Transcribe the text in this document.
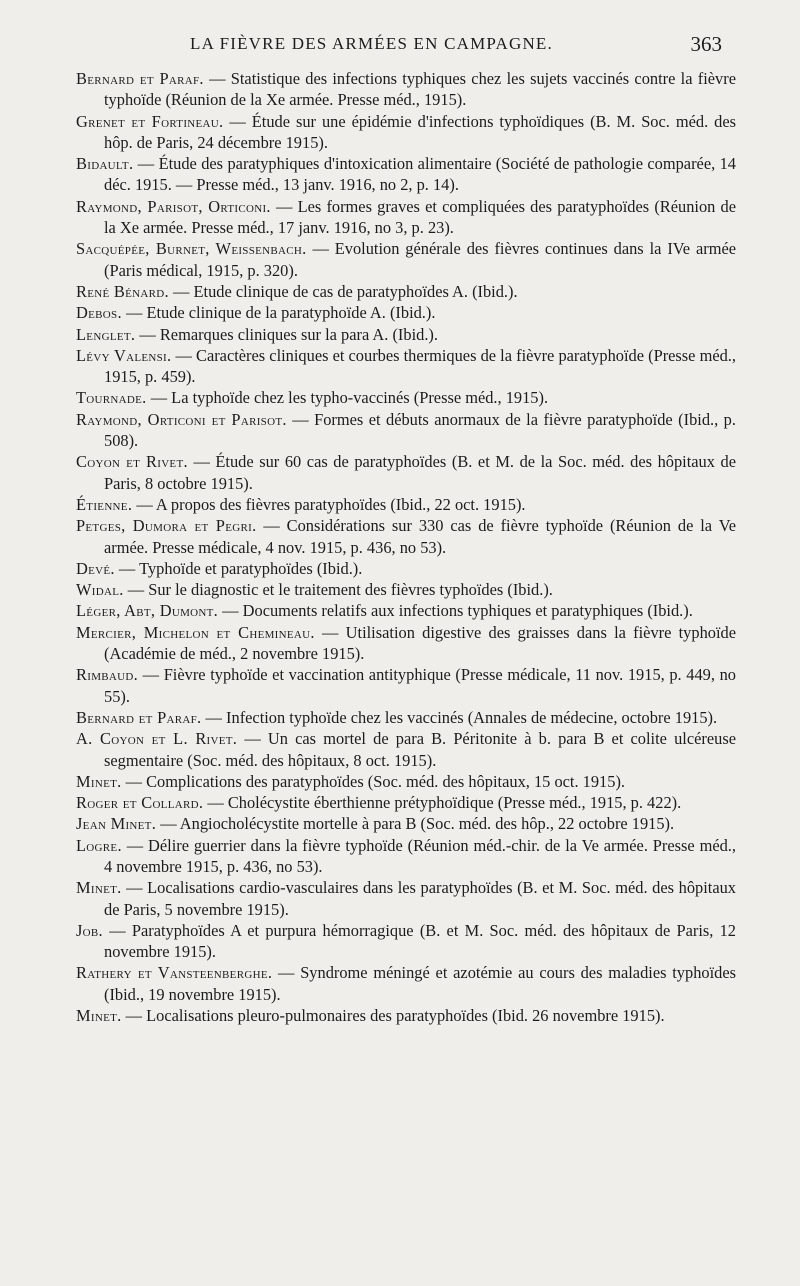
LA FIÈVRE DES ARMÉES EN CAMPAGNE.	363

Bernard et Paraf. — Statistique des infections typhiques chez les sujets vaccinés contre la fièvre typhoïde (Réunion de la Xe armée. Presse méd., 1915).

Grenet et Fortineau. — Étude sur une épidémie d'infections typhoïdiques (B. M. Soc. méd. des hôp. de Paris, 24 décembre 1915).

Bidault. — Étude des paratyphiques d'intoxication alimentaire (Société de pathologie comparée, 14 déc. 1915. — Presse méd., 13 janv. 1916, no 2, p. 14).

Raymond, Parisot, Orticoni. — Les formes graves et compliquées des paratyphoïdes (Réunion de la Xe armée. Presse méd., 17 janv. 1916, no 3, p. 23).

Sacquépée, Burnet, Weissenbach. — Evolution générale des fièvres continues dans la IVe armée (Paris médical, 1915, p. 320).

René Bénard. — Etude clinique de cas de paratyphoïdes A. (Ibid.).

Debos. — Etude clinique de la paratyphoïde A. (Ibid.).

Lenglet. — Remarques cliniques sur la para A. (Ibid.).

Lévy Valensi. — Caractères cliniques et courbes thermiques de la fièvre paratyphoïde (Presse méd., 1915, p. 459).

Tournade. — La typhoïde chez les typho-vaccinés (Presse méd., 1915).

Raymond, Orticoni et Parisot. — Formes et débuts anormaux de la fièvre paratyphoïde (Ibid., p. 508).

Coyon et Rivet. — Étude sur 60 cas de paratyphoïdes (B. et M. de la Soc. méd. des hôpitaux de Paris, 8 octobre 1915).

Étienne. — A propos des fièvres paratyphoïdes (Ibid., 22 oct. 1915).

Petges, Dumora et Pegri. — Considérations sur 330 cas de fièvre typhoïde (Réunion de la Ve armée. Presse médicale, 4 nov. 1915, p. 436, no 53).

Devé. — Typhoïde et paratyphoïdes (Ibid.).

Widal. — Sur le diagnostic et le traitement des fièvres typhoïdes (Ibid.).

Léger, Abt, Dumont. — Documents relatifs aux infections typhiques et paratyphiques (Ibid.).

Mercier, Michelon et Chemineau. — Utilisation digestive des graisses dans la fièvre typhoïde (Académie de méd., 2 novembre 1915).

Rimbaud. — Fièvre typhoïde et vaccination antityphique (Presse médicale, 11 nov. 1915, p. 449, no 55).

Bernard et Paraf. — Infection typhoïde chez les vaccinés (Annales de médecine, octobre 1915).

A. Coyon et L. Rivet. — Un cas mortel de para B. Péritonite à b. para B et colite ulcéreuse segmentaire (Soc. méd. des hôpitaux, 8 oct. 1915).

Minet. — Complications des paratyphoïdes (Soc. méd. des hôpitaux, 15 oct. 1915).

Roger et Collard. — Cholécystite éberthienne prétyphoïdique (Presse méd., 1915, p. 422).

Jean Minet. — Angiocholécystite mortelle à para B (Soc. méd. des hôp., 22 octobre 1915).

Logre. — Délire guerrier dans la fièvre typhoïde (Réunion méd.-chir. de la Ve armée. Presse méd., 4 novembre 1915, p. 436, no 53).

Minet. — Localisations cardio-vasculaires dans les paratyphoïdes (B. et M. Soc. méd. des hôpitaux de Paris, 5 novembre 1915).

Job. — Paratyphoïdes A et purpura hémorragique (B. et M. Soc. méd. des hôpitaux de Paris, 12 novembre 1915).

Rathery et Vansteenberghe. — Syndrome méningé et azotémie au cours des maladies typhoïdes (Ibid., 19 novembre 1915).

Minet. — Localisations pleuro-pulmonaires des paratyphoïdes (Ibid. 26 novembre 1915).
